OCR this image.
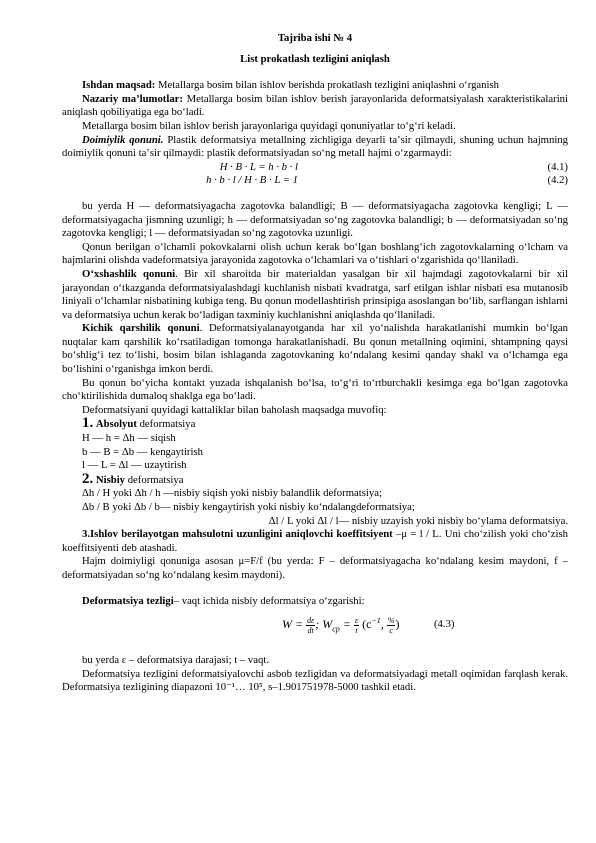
Tajriba ishi № 4

List prokatlash tezligini aniqlash

Ishdan maqsad: Metallarga bosim bilan ishlov berishda prokatlash tezligini aniqlashni oʻrganish

Nazariy maʼlumotlar: Metallarga bosim bilan ishlov berish jarayonlarida deformatsiyalash xarakteristikalarini aniqlash qobiliyatiga ega boʻladi.

Metallarga bosim bilan ishlov berish jarayonlariga quyidagi qonuniyatlar toʻgʻri keladi.

Doimiylik qonuni. Plastik deformatsiya metallning zichligiga deyarli taʼsir qilmaydi, shuning uchun hajmning doimiylik qonuni taʼsir qilmaydi: plastik deformatsiyadan soʻng metall hajmi oʻzgarmaydi:

H · B · L = h · b · l	(4.1)
h · b · l / H · B · L = 1	(4.2)

bu yerda H — deformatsiyagacha zagotovka balandligi; B — deformatsiyagacha zagotovka kengligi; L — deformatsiyagacha jismning uzunligi; h — deformatsiyadan soʻng zagotovka balandligi; b — deformatsiyadan soʻng zagotovka kengligi; l — deformatsiyadan soʻng zagotovka uzunligi.

Qonun berilgan oʻlchamli pokovkalarni olish uchun kerak boʻlgan boshlangʻich zagotovkalarning oʻlcham va hajmlarini olishda vadeformatsiya jarayonida zagotovka oʻlchamlari va oʻtishlari oʻzgarishida qoʻllaniladi.

Oʻxshashlik qonuni. Bir xil sharoitda bir materialdan yasalgan bir xil hajmdagi zagotovkalarni bir xil jarayondan oʻtkazganda deformatsiyalashdagi kuchlanish nisbati kvadratga, sarf etilgan ishlar nisbati esa mutanosib liniyali oʻlchamlar nisbatining kubiga teng. Bu qonun modellashtirish prinsipiga asoslangan boʻlib, sarflangan ishlarni va deformatsiya uchun kerak boʻladigan taxminiy kuchlanishni aniqlashda qoʻllaniladi.

Kichik qarshilik qonuni. Deformatsiyalanayotganda har xil yoʻnalishda harakatlanishi mumkin boʻlgan nuqtalar kam qarshilik koʻrsatiladigan tomonga harakatlanishadi. Bu qonun metallning oqimini, shtampning qaysi boʻshligʻi tez toʻlishi, bosim bilan ishlaganda zagotovkaning koʻndalang kesimi qanday shakl va oʻlchamga ega boʻlishini oʻrganishga imkon berdi.

Bu qonun boʻyicha kontakt yuzada ishqalanish boʻlsa, toʻgʻri toʻrtburchakli kesimga ega boʻlgan zagotovka choʻktirilishida dumaloq shaklga ega boʻladi.

Deformatsiyani quyidagi kattaliklar bilan baholash maqsadga muvofiq:

1. Absolyut deformatsiya

H — h = Δh — siqish

b — B = Δb — kengaytirish

l — L = Δl — uzaytirish

2. Nisbiy deformatsiya

Δh / H yoki Δh / h —nisbiy siqish yoki nisbiy balandlik deformatsiya;

Δb / B yoki Δb / b— nisbiy kengaytirish yoki nisbiy koʻndalangdeformatsiya;

Δl / L yoki Δl / l— nisbiy uzayish yoki nisbiy boʻylama deformatsiya.

3.Ishlov berilayotgan mahsulotni uzunligini aniqlovchi koeffitsiyent –μ = l / L. Uni choʻzilish yoki choʻzish koeffitsiyenti deb atashadi.

Hajm doimiyligi qonuniga asosan μ=F/f (bu yerda: F – deformatsiyagacha koʻndalang kesim maydoni, f – deformatsiyadan soʻng koʻndalang kesim maydoni).

Deformatsiya tezligi– vaqt ichida nisbiy deformatsiya oʻzgarishi:

$W = \frac{d\varepsilon}{dt}$ ; $W_{cp} = \frac{\varepsilon}{t} (c^{-1}$, $\frac{\%}{c}$ )	(4.3)

bu yerda ε – deformatsiya darajasi; t – vaqt.

Deformatsiya tezligini deformatsiyalovchi asbob tezligidan va deformatsiyadagi metall oqimidan farqlash kerak. Deformatsiya tezligining diapazoni 10⁻¹… 10⁵, s–1.901751978-5000 tashkil etadi.
